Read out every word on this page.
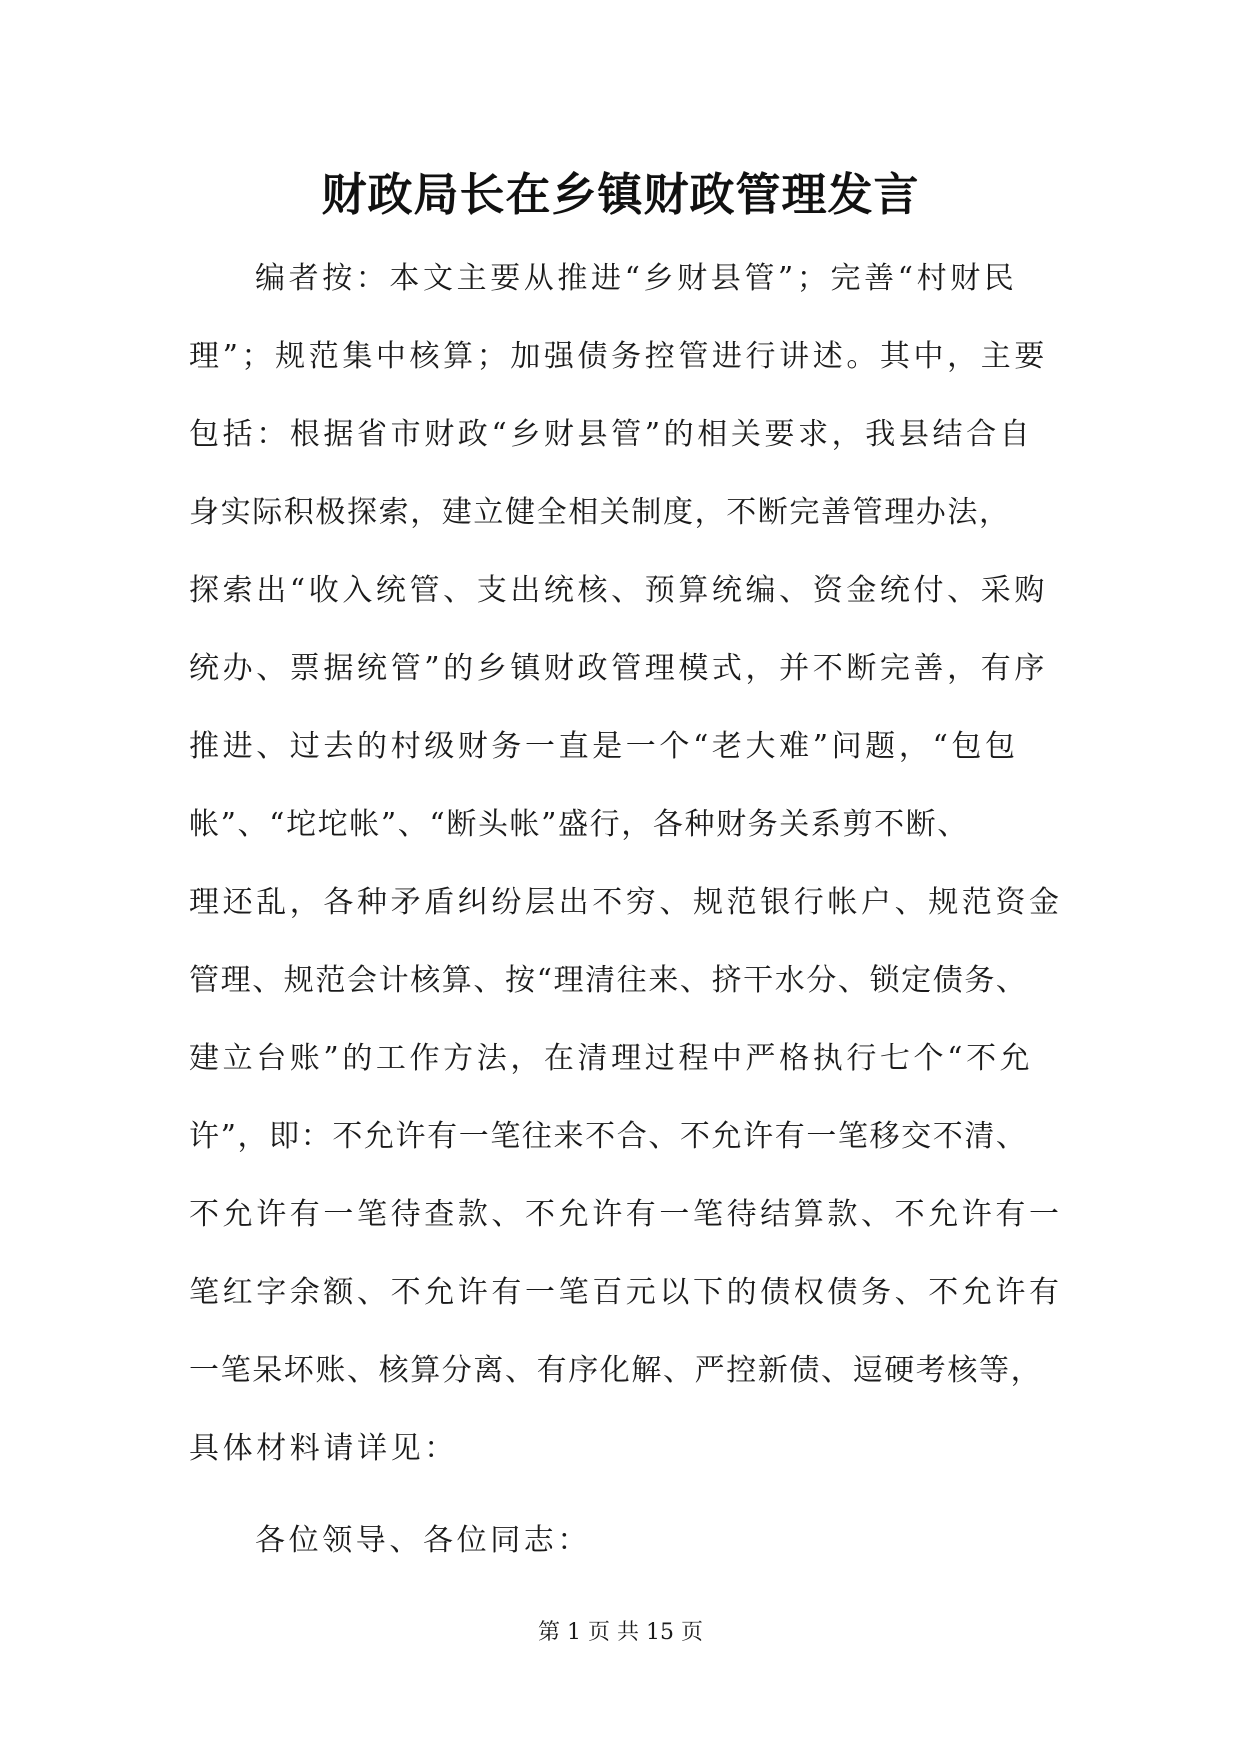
财政局长在乡镇财政管理发言
编者按：本文主要从推进“乡财县管”；完善“村财民
理”；规范集中核算；加强债务控管进行讲述。其中，主要
包括：根据省市财政“乡财县管”的相关要求，我县结合自
身实际积极探索，建立健全相关制度，不断完善管理办法，
探索出“收入统管、支出统核、预算统编、资金统付、采购
统办、票据统管”的乡镇财政管理模式，并不断完善，有序
推进、过去的村级财务一直是一个“老大难”问题，“包包
帐”、“坨坨帐”、“断头帐”盛行，各种财务关系剪不断、
理还乱，各种矛盾纠纷层出不穷、规范银行帐户、规范资金
管理、规范会计核算、按“理清往来、挤干水分、锁定债务、
建立台账”的工作方法，在清理过程中严格执行七个“不允
许”，即：不允许有一笔往来不合、不允许有一笔移交不清、
不允许有一笔待查款、不允许有一笔待结算款、不允许有一
笔红字余额、不允许有一笔百元以下的债权债务、不允许有
一笔呆坏账、核算分离、有序化解、严控新债、逗硬考核等，
具体材料请详见：
各位领导、各位同志：
第 1 页 共 15 页
